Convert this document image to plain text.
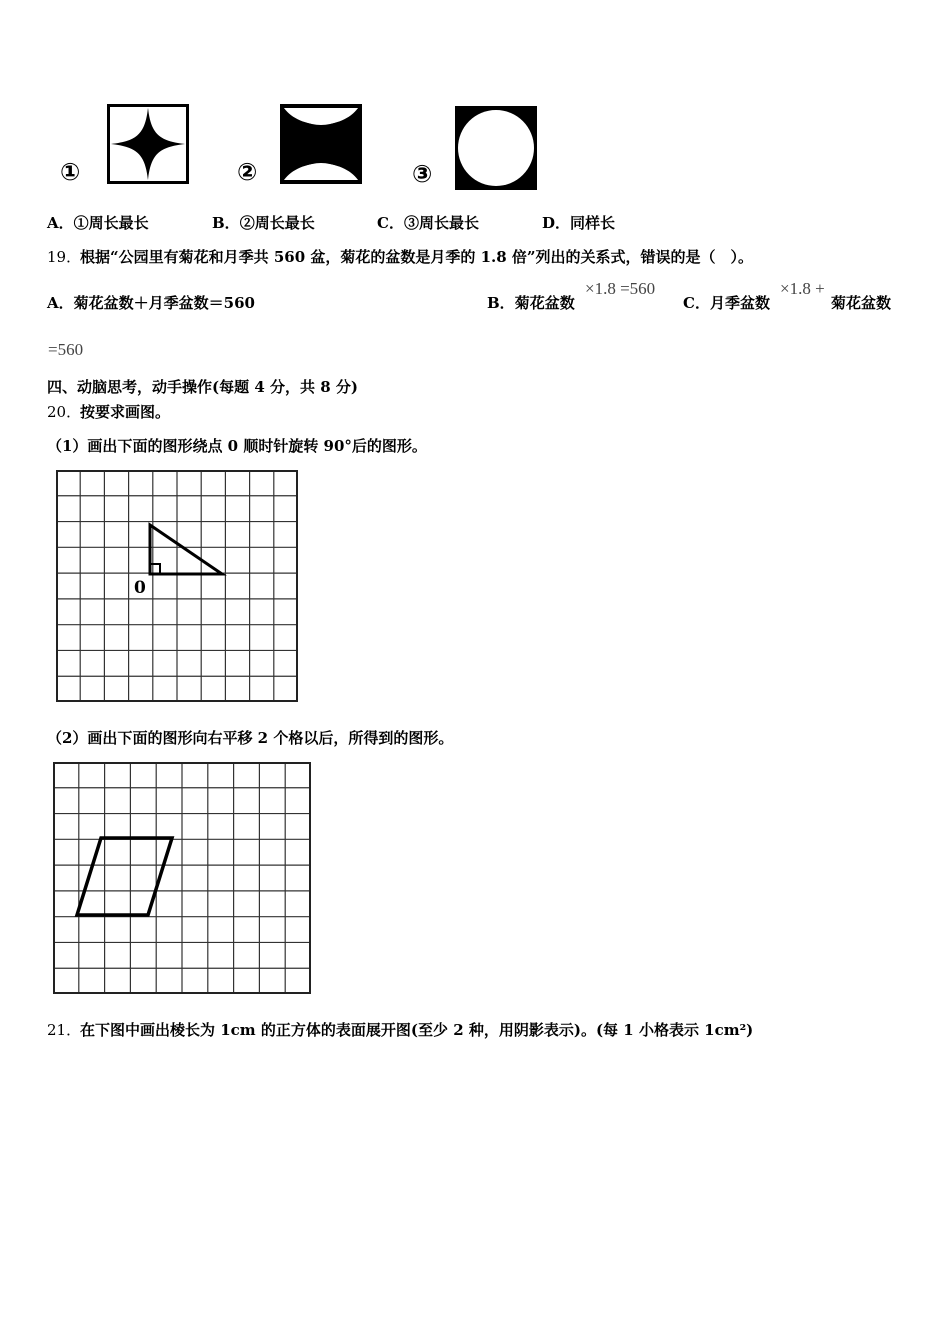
①	②	③
A．①周长最长	B．②周长最长	C．③周长最长	D．同样长
19．
根据“公园里有菊花和月季共 560 盆，菊花的盆数是月季的 1.8 倍”列出的关系式，错误的是（　）。
A．菊花盆数＋月季盆数＝560	B．菊花盆数
×1.8 =560
C．月季盆数
×1.8 +
菊花盆数
=560
四、动脑思考，动手操作(每题 4 分，共 8 分)
20．
按要求画图。
（1）画出下面的图形绕点 0 顺时针旋转 90°后的图形。
0
（2）画出下面的图形向右平移 2 个格以后，所得到的图形。
21．
在下图中画出棱长为 1cm 的正方体的表面展开图(至少 2 种，用阴影表示)。(每 1 小格表示 1cm²)
